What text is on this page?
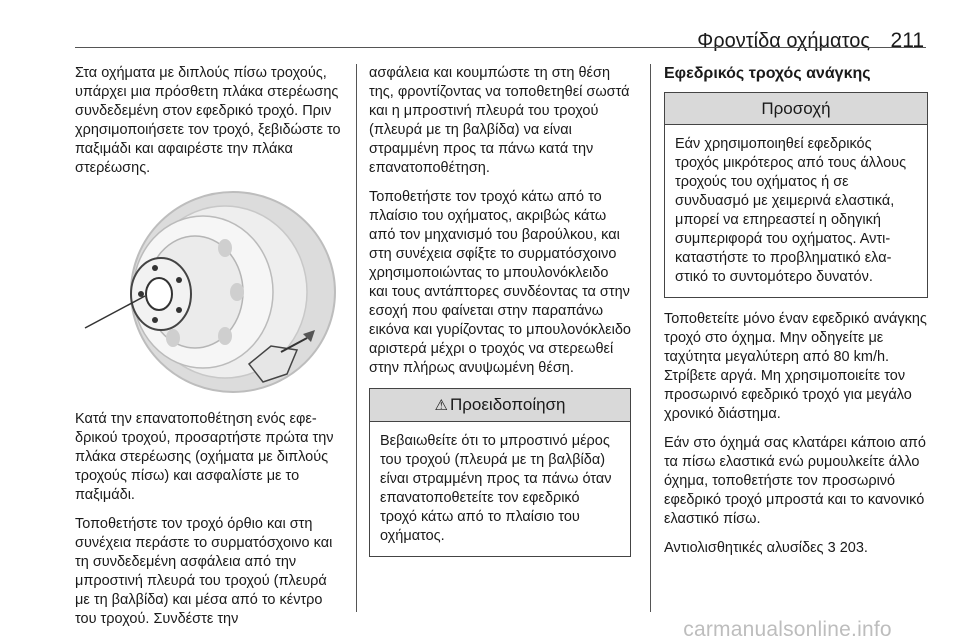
Φροντίδα οχήματος 211

Στα οχήματα με διπλούς πίσω τροχούς, υπάρχει μια πρόσθετη πλάκα στερέωσης συνδεδεμένη στον εφεδρικό τροχό. Πριν χρησιμοποιήσετε τον τροχό, ξεβιδώστε το παξιμάδι και αφαιρέστε την πλάκα στερέωσης.

Κατά την επανατοποθέτηση ενός εφεδρικού τροχού, προσαρτήστε πρώτα την πλάκα στερέωσης (οχήματα με διπλούς τροχούς πίσω) και ασφαλίστε με το παξιμάδι.

Τοποθετήστε τον τροχό όρθιο και στη συνέχεια περάστε το συρματόσχοινο και τη συνδεδεμένη ασφάλεια από την μπροστινή πλευρά του τροχού (πλευρά με τη βαλβίδα) και μέσα από το κέντρο του τροχού. Συνδέστε την

ασφάλεια και κουμπώστε τη στη θέση της, φροντίζοντας να τοποθετηθεί σωστά και η μπροστινή πλευρά του τροχού (πλευρά με τη βαλβίδα) να είναι στραμμένη προς τα πάνω κατά την επανατοποθέτηση.

Τοποθετήστε τον τροχό κάτω από το πλαίσιο του οχήματος, ακριβώς κάτω από τον μηχανισμό του βαρούλκου, και στη συνέχεια σφίξτε το συρματόσχοινο χρησιμοποιώντας το μπουλονόκλειδο και τους αντάπτορες συνδέοντας τα στην εσοχή που φαίνεται στην παραπάνω εικόνα και γυρίζοντας το μπουλονόκλειδο αριστερά μέχρι ο τροχός να στερεωθεί στην πλήρως ανυψωμένη θέση.

⚠ Προειδοποίηση
Βεβαιωθείτε ότι το μπροστινό μέρος του τροχού (πλευρά με τη βαλβίδα) είναι στραμμένη προς τα πάνω όταν επανατοποθετείτε τον εφεδρικό τροχό κάτω από το πλαίσιο του οχήματος.
Εφεδρικός τροχός ανάγκης
Προσοχή
Εάν χρησιμοποιηθεί εφεδρικός τροχός μικρότερος από τους άλλους τροχούς του οχήματος ή σε συνδυασμό με χειμερινά ελαστικά, μπορεί να επηρεαστεί η οδηγική συμπεριφορά του οχήματος. Αντικαταστήστε το προβληματικό ελαστικό το συντομότερο δυνατόν.

Τοποθετείτε μόνο έναν εφεδρικό ανάγκης τροχό στο όχημα. Μην οδηγείτε με ταχύτητα μεγαλύτερη από 80 km/h. Στρίβετε αργά. Μη χρησιμοποιείτε τον προσωρινό εφεδρικό τροχό για μεγάλο χρονικό διάστημα.

Εάν στο όχημά σας κλατάρει κάποιο από τα πίσω ελαστικά ενώ ρυμουλκείτε άλλο όχημα, τοποθετήστε τον προσωρινό εφεδρικό τροχό μπροστά και το κανονικό ελαστικό πίσω.

Αντιολισθητικές αλυσίδες 3 203.

carmanualsonline.info
